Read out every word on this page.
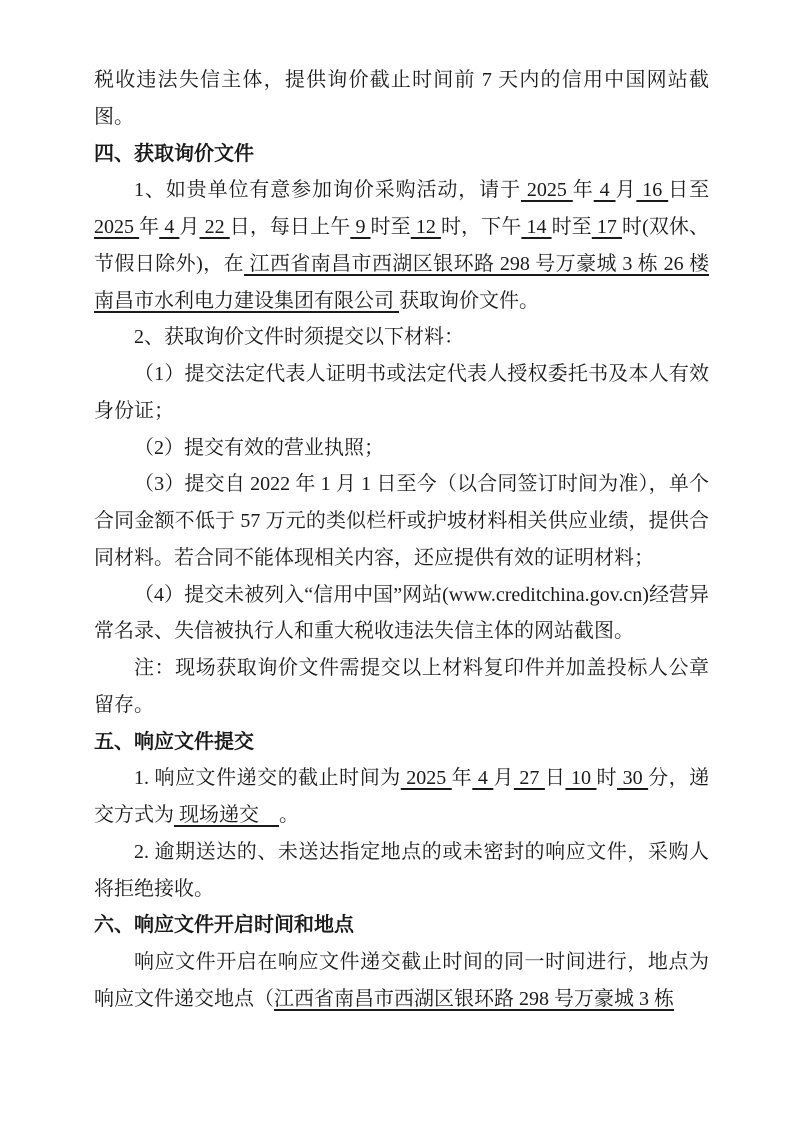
税收违法失信主体，提供询价截止时间前 7 天内的信用中国网站截图。

四、获取询价文件

1、如贵单位有意参加询价采购活动，请于 2025 年 4 月 16 日至 2025 年 4 月 22 日，每日上午 9 时至 12 时，下午 14 时至 17 时(双休、节假日除外)，在 江西省南昌市西湖区银环路 298 号万豪城 3 栋 26 楼南昌市水利电力建设集团有限公司 获取询价文件。

2、获取询价文件时须提交以下材料：

（1）提交法定代表人证明书或法定代表人授权委托书及本人有效身份证；

（2）提交有效的营业执照；

（3）提交自 2022 年 1 月 1 日至今（以合同签订时间为准），单个合同金额不低于 57 万元的类似栏杆或护坡材料相关供应业绩，提供合同材料。若合同不能体现相关内容，还应提供有效的证明材料；

（4）提交未被列入“信用中国”网站(www.creditchina.gov.cn)经营异常名录、失信被执行人和重大税收违法失信主体的网站截图。

注：现场获取询价文件需提交以上材料复印件并加盖投标人公章留存。

五、响应文件提交

1. 响应文件递交的截止时间为 2025 年 4 月 27 日 10 时 30 分，递交方式为 现场递交　。

2. 逾期送达的、未送达指定地点的或未密封的响应文件，采购人将拒绝接收。

六、响应文件开启时间和地点

响应文件开启在响应文件递交截止时间的同一时间进行，地点为响应文件递交地点（江西省南昌市西湖区银环路 298 号万豪城 3 栋
